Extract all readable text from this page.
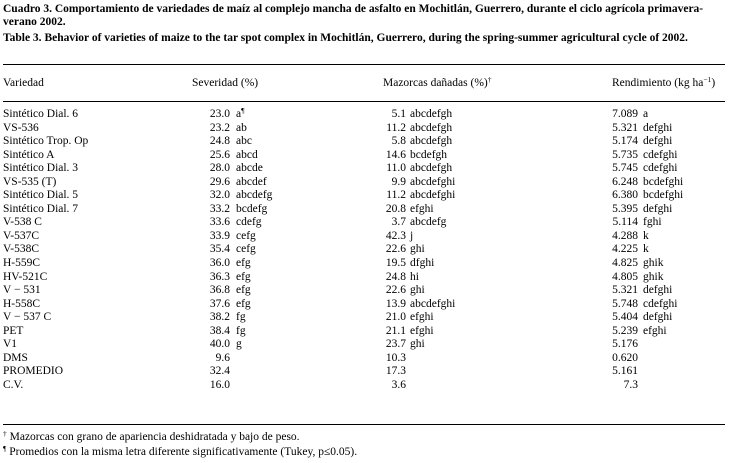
Cuadro 3. Comportamiento de variedades de maíz al complejo mancha de asfalto en Mochitlán, Guerrero, durante el ciclo agrícola primavera-verano 2002.
Table 3. Behavior of varieties of maize to the tar spot complex in Mochitlán, Guerrero, during the spring-summer agricultural cycle of 2002.
Variedad	Severidad (%)	Mazorcas dañadas (%)†	Rendimiento (kg $ha^{-1}$)
Sintético Dial. 6	23.0 a¶	5.1 abcdefgh	7.089 a
VS-536	23.2 ab	11.2 abcdefgh	5.321 defghi
Sintético Trop. Op	24.8 abc	5.8 abcdefgh	5.174 defghi
Sintético A	25.6 abcd	14.6 bcdefgh	5.735 cdefghi
Sintético Dial. 3	28.0 abcde	11.0 abcdefgh	5.745 cdefghi
VS-535 (T)	29.6 abcdef	9.9 abcdefghi	6.248 bcdefghi
Sintético Dial. 5	32.0 abcdefg	11.2 abcdefghi	6.380 bcdefghi
Sintético Dial. 7	33.2 bcdefg	20.8 efghi	5.395 defghi
V-538 C	33.6 cdefg	3.7 abcdefg	5.114 fghi
V-537C	33.9 cefg	42.3 j	4.288 k
V-538C	35.4 cefg	22.6 ghi	4.225 k
H-559C	36.0 efg	19.5 dfghi	4.825 ghik
HV-521C	36.3 efg	24.8 hi	4.805 ghik
V − 531	36.8 efg	22.6 ghi	5.321 defghi
H-558C	37.6 efg	13.9 abcdefghi	5.748 cdefghi
V − 537 C	38.2 fg	21.0 efghi	5.404 defghi
PET	38.4 fg	21.1 efghi	5.239 efghi
V1	40.0 g	23.7 ghi	5.176
DMS	9.6	10.3	0.620
PROMEDIO	32.4	17.3	5.161
C.V.	16.0	3.6	7.3
† Mazorcas con grano de apariencia deshidratada y bajo de peso.
¶ Promedios con la misma letra diferente significativamente (Tukey, p≤0.05).
